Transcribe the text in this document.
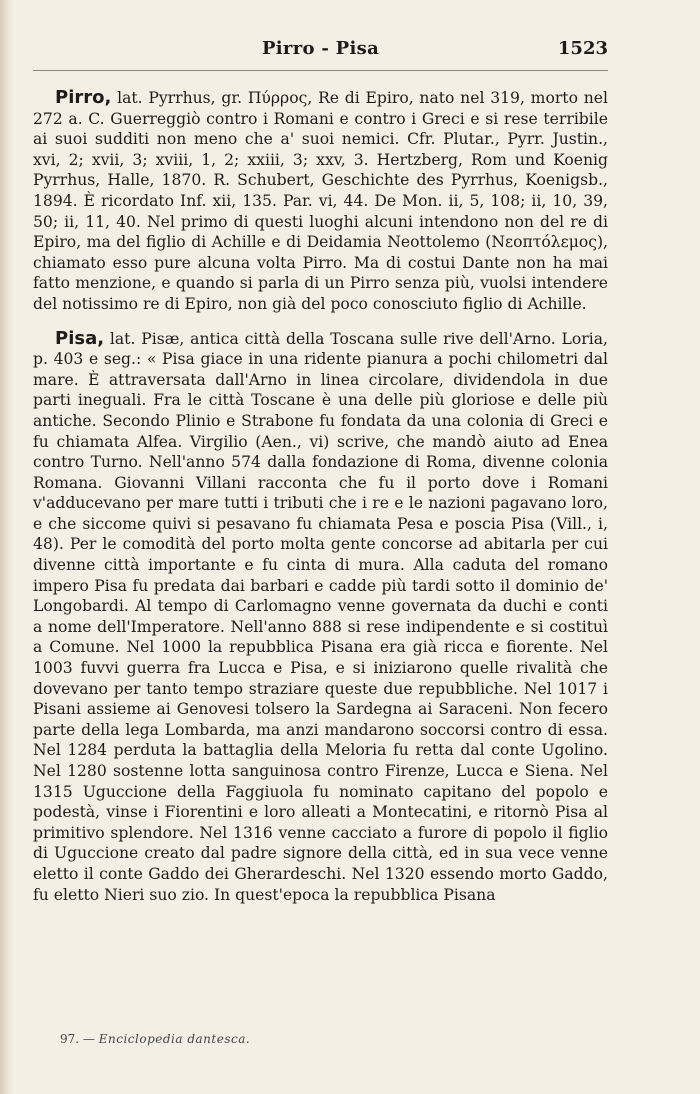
Pirro - Pisa	1523

Pirro, lat. Pyrrhus, gr. Πύρρος, Re di Epiro, nato nel 319, morto nel 272 a. C. Guerreggiò contro i Romani e contro i Greci e si rese terribile ai suoi sudditi non meno che a' suoi nemici. Cfr. Plutar., Pyrr. Justin., xvi, 2; xvii, 3; xviii, 1, 2; xxiii, 3; xxv, 3. Hertzberg, Rom und Koenig Pyrrhus, Halle, 1870. R. Schubert, Geschichte des Pyrrhus, Koenigsb., 1894. È ricordato Inf. xii, 135. Par. vi, 44. De Mon. ii, 5, 108; ii, 10, 39, 50; ii, 11, 40. Nel primo di questi luoghi alcuni intendono non del re di Epiro, ma del figlio di Achille e di Deidamia Neottolemo (Νεοπτόλεμος), chiamato esso pure alcuna volta Pirro. Ma di costui Dante non ha mai fatto menzione, e quando si parla di un Pirro senza più, vuolsi intendere del notissimo re di Epiro, non già del poco conosciuto figlio di Achille.

Pisa, lat. Pisæ, antica città della Toscana sulle rive dell'Arno. Loria, p. 403 e seg.: « Pisa giace in una ridente pianura a pochi chilometri dal mare. È attraversata dall'Arno in linea circolare, dividendola in due parti ineguali. Fra le città Toscane è una delle più gloriose e delle più antiche. Secondo Plinio e Strabone fu fondata da una colonia di Greci e fu chiamata Alfea. Virgilio (Aen., vi) scrive, che mandò aiuto ad Enea contro Turno. Nell'anno 574 dalla fondazione di Roma, divenne colonia Romana. Giovanni Villani racconta che fu il porto dove i Romani v'adducevano per mare tutti i tributi che i re e le nazioni pagavano loro, e che siccome quivi si pesavano fu chiamata Pesa e poscia Pisa (Vill., i, 48). Per le comodità del porto molta gente concorse ad abitarla per cui divenne città importante e fu cinta di mura. Alla caduta del romano impero Pisa fu predata dai barbari e cadde più tardi sotto il dominio de' Longobardi. Al tempo di Carlomagno venne governata da duchi e conti a nome dell'Imperatore. Nell'anno 888 si rese indipendente e si costituì a Comune. Nel 1000 la repubblica Pisana era già ricca e fiorente. Nel 1003 fuvvi guerra fra Lucca e Pisa, e si iniziarono quelle rivalità che dovevano per tanto tempo straziare queste due repubbliche. Nel 1017 i Pisani assieme ai Genovesi tolsero la Sardegna ai Saraceni. Non fecero parte della lega Lombarda, ma anzi mandarono soccorsi contro di essa. Nel 1284 perduta la battaglia della Meloria fu retta dal conte Ugolino. Nel 1280 sostenne lotta sanguinosa contro Firenze, Lucca e Siena. Nel 1315 Uguccione della Faggiuola fu nominato capitano del popolo e podestà, vinse i Fiorentini e loro alleati a Montecatini, e ritornò Pisa al primitivo splendore. Nel 1316 venne cacciato a furore di popolo il figlio di Uguccione creato dal padre signore della città, ed in sua vece venne eletto il conte Gaddo dei Gherardeschi. Nel 1320 essendo morto Gaddo, fu eletto Nieri suo zio. In quest'epoca la repubblica Pisana

97. — Enciclopedia dantesca.
